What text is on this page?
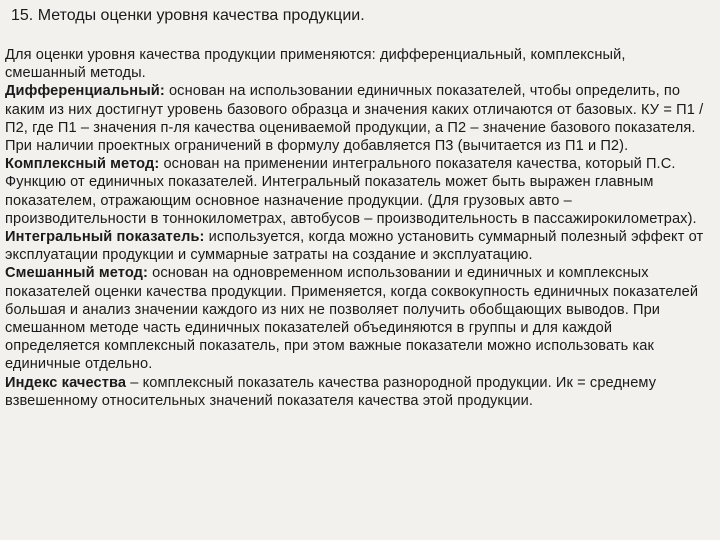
15. Методы оценки уровня качества продукции.

Для оценки уровня качества продукции применяются: дифференциальный, комплексный, смешанный методы.

Дифференциальный: основан на использовании единичных показателей, чтобы определить, по каким из них достигнут уровень базового образца и значения каких отличаются от базовых. КУ = П1 / П2, где П1 – значения п-ля качества оцениваемой продукции, а П2 – значение базового показателя. При наличии проектных ограничений в формулу добавляется П3 (вычитается из П1 и П2).

Комплексный метод: основан на применении интегрального показателя качества, который П.С. Функцию от единичных показателей. Интегральный показатель может быть выражен главным показателем, отражающим основное назначение продукции. (Для грузовых авто – производительности в тоннокилометрах, автобусов – производительность в пассажирокилометрах).

Интегральный показатель: используется, когда можно установить суммарный полезный эффект от эксплуатации продукции и суммарные затраты на создание и эксплуатацию.

Смешанный метод: основан на одновременном использовании и единичных и комплексных показателей оценки качества продукции. Применяется, когда соквокупность единичных показателей большая и анализ значении каждого из них не позволяет получить обобщающих выводов. При смешанном методе часть единичных показателей объединяются в группы и для каждой определяется комплексный показатель, при этом важные показатели можно использовать как единичные отдельно.

Индекс качества – комплексный показатель качества разнородной продукции. Ик = среднему взвешенному относительных значений показателя качества этой продукции.
